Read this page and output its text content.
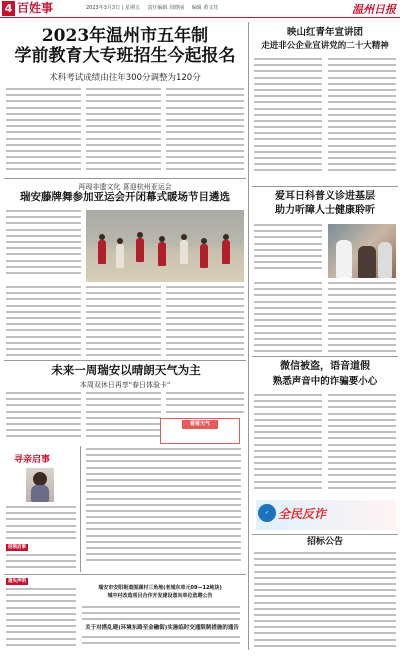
4 百姓事	2023年3月3日 | 星期五 责任编辑 周晓丽 编辑 黄文钰	温州日报
2023年温州市五年制
学前教育大专班招生今起报名
术科考试成绩由往年300分调整为120分
再现非遗文化 喜迎杭州亚运会
瑞安藤牌舞参加亚运会开闭幕式暖场节目遴选
未来一周瑞安以晴朗天气为主
本周双休日再享"春日体验卡"
看看天气
寻亲启事
招领启事
遗失声明
瑞安市安阳街道围湖村三角地(老城东单元09—12地块)
城中村改造项目合作开发建设意向单位选聘公告
关于对搭乱建(环境东路至金融街)实施临时交通限制措施的通告
映山红青年宣讲团
走进非公企业宣讲党的二十大精神
爱耳日科普义诊进基层
助力听障人士健康聆听
微信被盗，语音道假
熟悉声音中的诈骗要小心
✓ 全民反诈
招标公告
